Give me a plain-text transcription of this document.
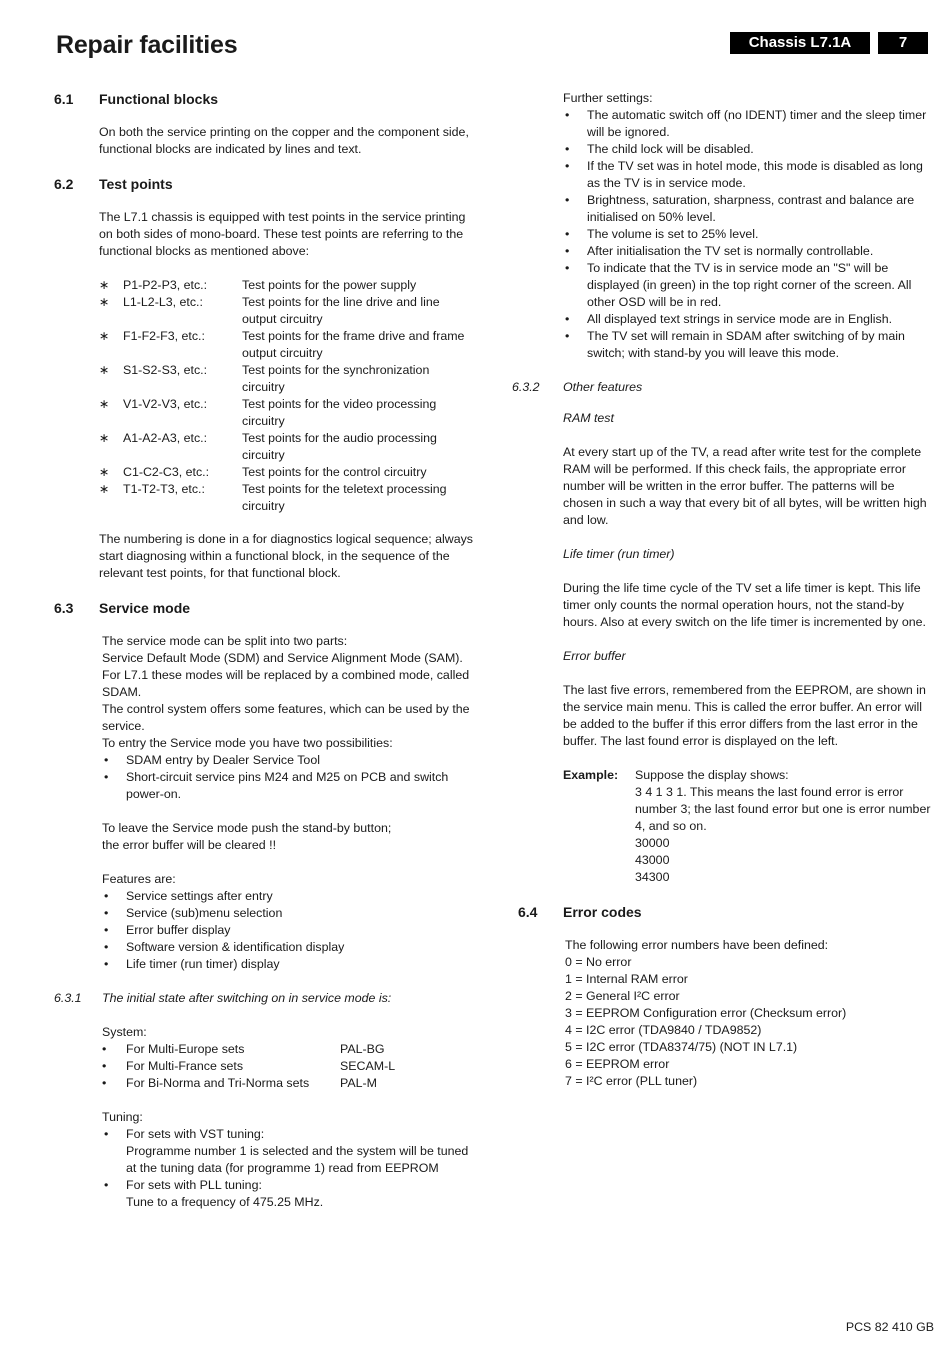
Repair facilities	Chassis L7.1A	7
6.1 Functional blocks

On both the service printing on the copper and the component side, functional blocks are indicated by lines and text.

6.2 Test points

The L7.1 chassis is equipped with test points in the service printing on both sides of mono-board. These test points are referring to the functional blocks as mentioned above:

∗	P1-P2-P3, etc.:	Test points for the power supply
∗	L1-L2-L3, etc.:	Test points for the line drive and line output circuitry
∗	F1-F2-F3, etc.:	Test points for the frame drive and frame output circuitry
∗	S1-S2-S3, etc.:	Test points for the synchronization circuitry
∗	V1-V2-V3, etc.:	Test points for the video processing circuitry
∗	A1-A2-A3, etc.:	Test points for the audio processing circuitry
∗	C1-C2-C3, etc.:	Test points for the control circuitry
∗	T1-T2-T3, etc.:	Test points for the teletext processing circuitry

The numbering is done in a for diagnostics logical sequence; always start diagnosing within a functional block, in the sequence of the relevant test points, for that functional block.

6.3 Service mode

The service mode can be split into two parts:

Service Default Mode (SDM) and Service Alignment Mode (SAM). For L7.1 these modes will be replaced by a combined mode, called SDAM.

The control system offers some features, which can be used by the service.

To entry the Service mode you have two possibilities:

• SDAM entry by Dealer Service Tool
• Short-circuit service pins M24 and M25 on PCB and switch power-on.

To leave the Service mode push the stand-by button;

the error buffer will be cleared !!

Features are:

• Service settings after entry
• Service (sub)menu selection
• Error buffer display
• Software version & identification display
• Life timer (run timer) display
6.3.1 The initial state after switching on in service mode is:

System:

•	For Multi-Europe sets	PAL-BG
•	For Multi-France sets	SECAM-L
•	For Bi-Norma and Tri-Norma sets	PAL-M

Tuning:

• For sets with VST tuning:
Programme number 1 is selected and the system will be tuned at the tuning data (for programme 1) read from EEPROM
• For sets with PLL tuning:
Tune to a frequency of 475.25 MHz.

Further settings:

• The automatic switch off (no IDENT) timer and the sleep timer will be ignored.
• The child lock will be disabled.
• If the TV set was in hotel mode, this mode is disabled as long as the TV is in service mode.
• Brightness, saturation, sharpness, contrast and balance are initialised on 50% level.
• The volume is set to 25% level.
• After initialisation the TV set is normally controllable.
• To indicate that the TV is in service mode an "S" will be displayed (in green) in the top right corner of the screen. All other OSD will be in red.
• All displayed text strings in service mode are in English.
• The TV set will remain in SDAM after switching of by main switch; with stand-by you will leave this mode.
6.3.2 Other features

RAM test

At every start up of the TV, a read after write test for the complete RAM will be performed. If this check fails, the appropriate error number will be written in the error buffer. The patterns will be chosen in such a way that every bit of all bytes, will be written high and low.

Life timer (run timer)

During the life time cycle of the TV set a life timer is kept. This life timer only counts the normal operation hours, not the stand-by hours. Also at every switch on the life timer is incremented by one.

Error buffer

The last five errors, remembered from the EEPROM, are shown in the service main menu. This is called the error buffer. An error will be added to the buffer if this error differs from the last error in the buffer. The last found error is displayed on the left.

Example:	Suppose the display shows:
3 4 1 3 1. This means the last found error is error number 3; the last found error but one is error number 4, and so on.
30000
43000
34300
6.4 Error codes

The following error numbers have been defined:

0 = No error
1 = Internal RAM error
2 = General I²C error
3 = EEPROM Configuration error (Checksum error)
4 = I2C error (TDA9840 / TDA9852)
5 = I2C error (TDA8374/75) (NOT IN L7.1)
6 = EEPROM error
7 = I²C error (PLL tuner)
PCS 82 410 GB
